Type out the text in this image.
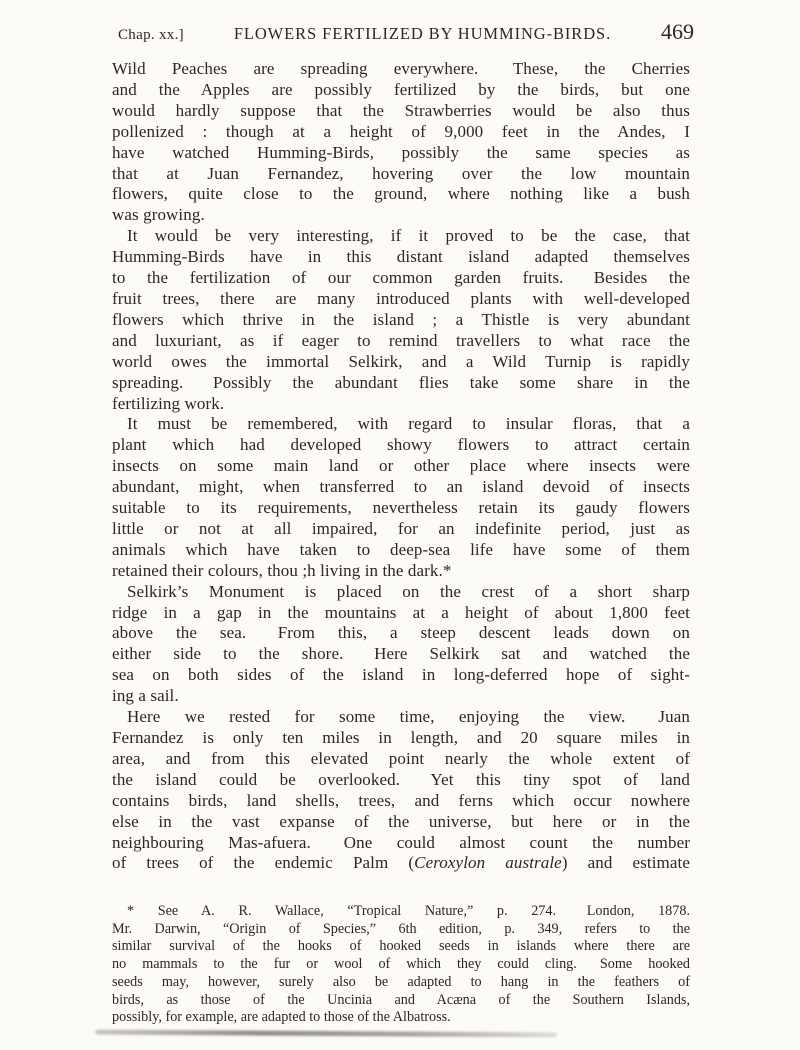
Chap. xx.]	FLOWERS FERTILIZED BY HUMMING-BIRDS. 469
Wild Peaches are spreading everywhere.  These, the Cherries
and the Apples are possibly fertilized by the birds, but one
would hardly suppose that the Strawberries would be also thus
pollenized : though at a height of 9,000 feet in the Andes, I
have watched Humming-Birds, possibly the same species as
that at Juan Fernandez, hovering over the low mountain
flowers, quite close to the ground, where nothing like a bush
was growing.
It would be very interesting, if it proved to be the case, that
Humming-Birds have in this distant island adapted themselves
to the fertilization of our common garden fruits.  Besides the
fruit trees, there are many introduced plants with well-developed
flowers which thrive in the island ; a Thistle is very abundant
and luxuriant, as if eager to remind travellers to what race the
world owes the immortal Selkirk, and a Wild Turnip is rapidly
spreading.  Possibly the abundant flies take some share in the
fertilizing work.
It must be remembered, with regard to insular floras, that a
plant which had developed showy flowers to attract certain
insects on some main land or other place where insects were
abundant, might, when transferred to an island devoid of insects
suitable to its requirements, nevertheless retain its gaudy flowers
little or not at all impaired, for an indefinite period, just as
animals which have taken to deep-sea life have some of them
retained their colours, thou ;h living in the dark.*
Selkirk’s Monument is placed on the crest of a short sharp
ridge in a gap in the mountains at a height of about 1,800 feet
above the sea.  From this, a steep descent leads down on
either side to the shore.  Here Selkirk sat and watched the
sea on both sides of the island in long-deferred hope of sight-
ing a sail.
Here we rested for some time, enjoying the view.  Juan
Fernandez is only ten miles in length, and 20 square miles in
area, and from this elevated point nearly the whole extent of
the island could be overlooked.  Yet this tiny spot of land
contains birds, land shells, trees, and ferns which occur nowhere
else in the vast expanse of the universe, but here or in the
neighbouring Mas-afuera.  One could almost count the number
of trees of the endemic Palm (Ceroxylon australe) and estimate
* See A. R. Wallace, “Tropical Nature,” p. 274.  London, 1878.
Mr. Darwin, “Origin of Species,” 6th edition, p. 349, refers to the
similar survival of the hooks of hooked seeds in islands where there are
no mammals to the fur or wool of which they could cling.  Some hooked
seeds may, however, surely also be adapted to hang in the feathers of
birds, as those of the Uncinia and Acæna of the Southern Islands,
possibly, for example, are adapted to those of the Albatross.
